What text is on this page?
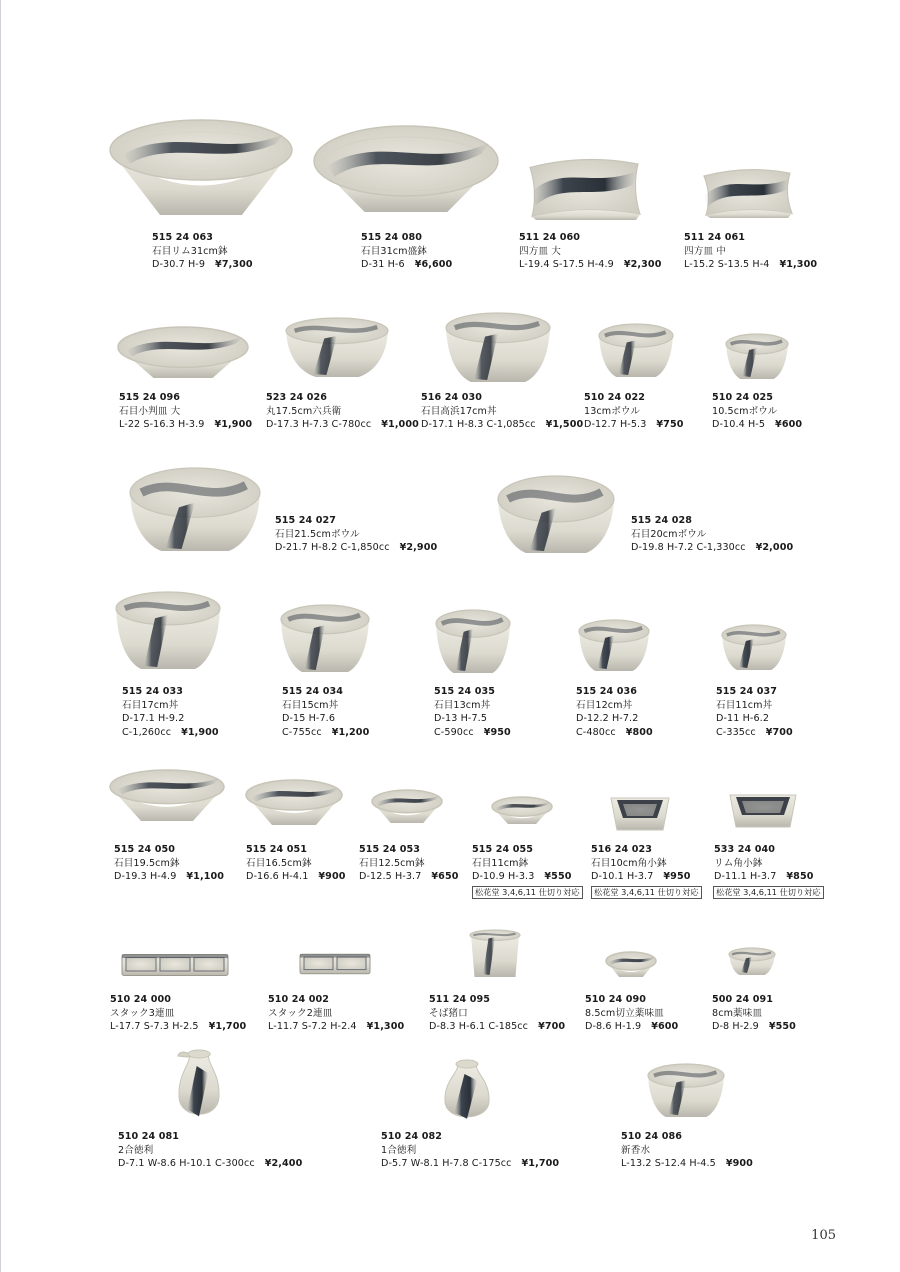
515 24 063
石目リム31cm鉢
D-30.7 H-9 ¥7,300
515 24 080
石目31cm盛鉢
D-31 H-6 ¥6,600
511 24 060
四方皿 大
L-19.4 S-17.5 H-4.9 ¥2,300
511 24 061
四方皿 中
L-15.2 S-13.5 H-4 ¥1,300
515 24 096
石目小判皿 大
L-22 S-16.3 H-3.9 ¥1,900
523 24 026
丸17.5cm六兵衛
D-17.3 H-7.3 C-780cc ¥1,000
516 24 030
石目高浜17cm丼
D-17.1 H-8.3 C-1,085cc ¥1,500
510 24 022
13cmボウル
D-12.7 H-5.3 ¥750
510 24 025
10.5cmボウル
D-10.4 H-5 ¥600
515 24 027
石目21.5cmボウル
D-21.7 H-8.2 C-1,850cc ¥2,900
515 24 028
石目20cmボウル
D-19.8 H-7.2 C-1,330cc ¥2,000
515 24 033
石目17cm丼
D-17.1 H-9.2
C-1,260cc ¥1,900
515 24 034
石目15cm丼
D-15 H-7.6
C-755cc ¥1,200
515 24 035
石目13cm丼
D-13 H-7.5
C-590cc ¥950
515 24 036
石目12cm丼
D-12.2 H-7.2
C-480cc ¥800
515 24 037
石目11cm丼
D-11 H-6.2
C-335cc ¥700
515 24 050
石目19.5cm鉢
D-19.3 H-4.9 ¥1,100
515 24 051
石目16.5cm鉢
D-16.6 H-4.1 ¥900
515 24 053
石目12.5cm鉢
D-12.5 H-3.7 ¥650
515 24 055
石目11cm鉢
D-10.9 H-3.3 ¥550
516 24 023
石目10cm角小鉢
D-10.1 H-3.7 ¥950
533 24 040
リム角小鉢
D-11.1 H-3.7 ¥850
510 24 000
スタック3連皿
L-17.7 S-7.3 H-2.5 ¥1,700
510 24 002
スタック2連皿
L-11.7 S-7.2 H-2.4 ¥1,300
511 24 095
そば猪口
D-8.3 H-6.1 C-185cc ¥700
510 24 090
8.5cm切立薬味皿
D-8.6 H-1.9 ¥600
500 24 091
8cm薬味皿
D-8 H-2.9 ¥550
510 24 081
2合徳利
D-7.1 W-8.6 H-10.1 C-300cc ¥2,400
510 24 082
1合徳利
D-5.7 W-8.1 H-7.8 C-175cc ¥1,700
510 24 086
新香水
L-13.2 S-12.4 H-4.5 ¥900
松花堂 3,4,6,11 仕切り対応	松花堂 3,4,6,11 仕切り対応	松花堂 3,4,6,11 仕切り対応
105
